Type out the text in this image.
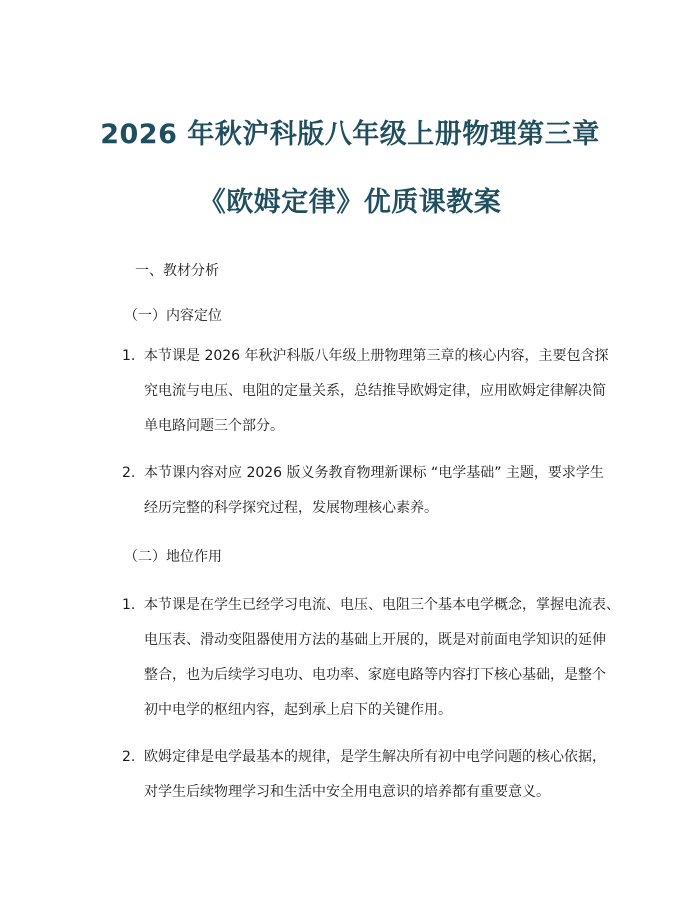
2026 年秋沪科版八年级上册物理第三章
《欧姆定律》优质课教案
一、教材分析
（一）内容定位
1. 本节课是 2026 年秋沪科版八年级上册物理第三章的核心内容，主要包含探
究电流与电压、电阻的定量关系，总结推导欧姆定律，应用欧姆定律解决简
单电路问题三个部分。
2. 本节课内容对应 2026 版义务教育物理新课标 “电学基础” 主题，要求学生
经历完整的科学探究过程，发展物理核心素养。
（二）地位作用
1. 本节课是在学生已经学习电流、电压、电阻三个基本电学概念，掌握电流表、
电压表、滑动变阻器使用方法的基础上开展的，既是对前面电学知识的延伸
整合，也为后续学习电功、电功率、家庭电路等内容打下核心基础，是整个
初中电学的枢纽内容，起到承上启下的关键作用。
2. 欧姆定律是电学最基本的规律，是学生解决所有初中电学问题的核心依据，
对学生后续物理学习和生活中安全用电意识的培养都有重要意义。
